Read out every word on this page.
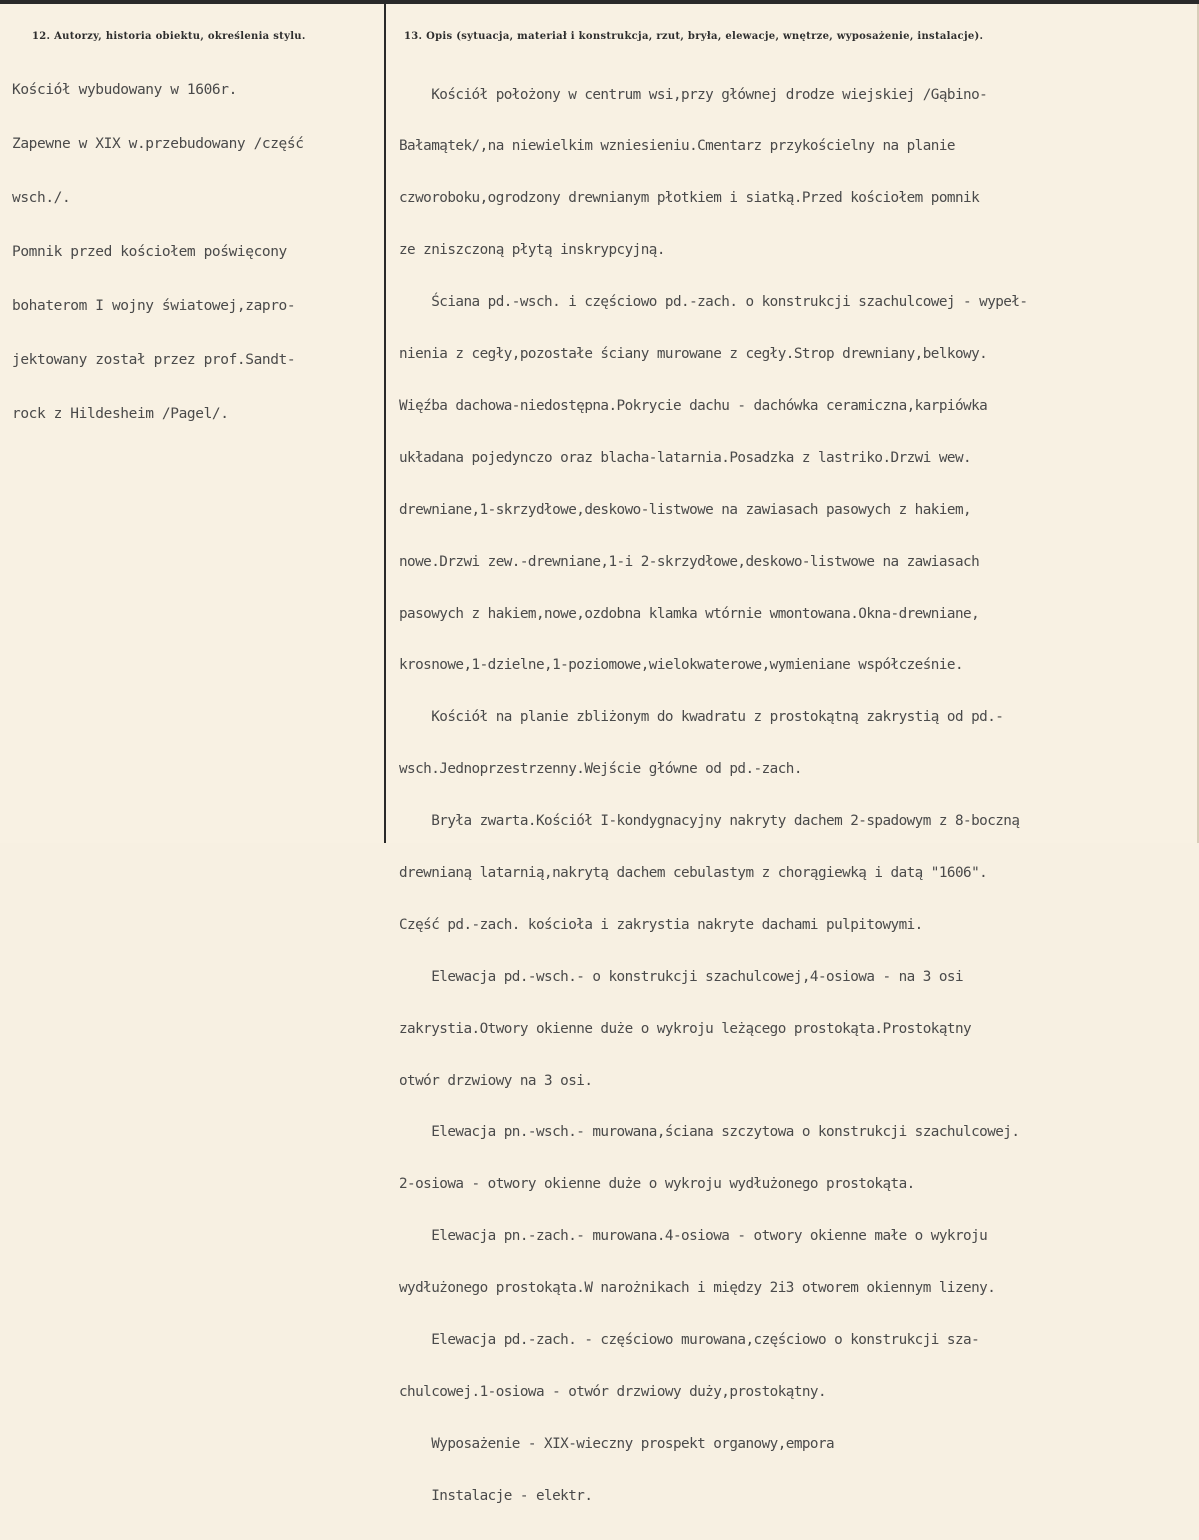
12. Autorzy, historia obiektu, określenia stylu.	13. Opis (sytuacja, materiał i konstrukcja, rzut, bryła, elewacje, wnętrze, wyposażenie, instalacje).

Kościół wybudowany w 1606r.

Zapewne w XIX w.przebudowany /część

wsch./.

Pomnik przed kościołem poświęcony

bohaterom I wojny światowej,zapro-

jektowany został przez prof.Sandt-

rock z Hildesheim /Pagel/.

Kościół położony w centrum wsi,przy głównej drodze wiejskiej /Gąbino-

Bałamątek/,na niewielkim wzniesieniu.Cmentarz przykościelny na planie

czworoboku,ogrodzony drewnianym płotkiem i siatką.Przed kościołem pomnik

ze zniszczoną płytą inskrypcyjną.

Ściana pd.-wsch. i częściowo pd.-zach. o konstrukcji szachulcowej - wypeł-

nienia z cegły,pozostałe ściany murowane z cegły.Strop drewniany,belkowy.

Więźba dachowa-niedostępna.Pokrycie dachu - dachówka ceramiczna,karpiówka

układana pojedynczo oraz blacha-latarnia.Posadzka z lastriko.Drzwi wew.

drewniane,1-skrzydłowe,deskowo-listwowe na zawiasach pasowych z hakiem,

nowe.Drzwi zew.-drewniane,1-i 2-skrzydłowe,deskowo-listwowe na zawiasach

pasowych z hakiem,nowe,ozdobna klamka wtórnie wmontowana.Okna-drewniane,

krosnowe,1-dzielne,1-poziomowe,wielokwaterowe,wymieniane współcześnie.

Kościół na planie zbliżonym do kwadratu z prostokątną zakrystią od pd.-

wsch.Jednoprzestrzenny.Wejście główne od pd.-zach.

Bryła zwarta.Kościół I-kondygnacyjny nakryty dachem 2-spadowym z 8-boczną

drewnianą latarnią,nakrytą dachem cebulastym z chorągiewką i datą "1606".

Część pd.-zach. kościoła i zakrystia nakryte dachami pulpitowymi.

Elewacja pd.-wsch.- o konstrukcji szachulcowej,4-osiowa - na 3 osi

zakrystia.Otwory okienne duże o wykroju leżącego prostokąta.Prostokątny

otwór drzwiowy na 3 osi.

Elewacja pn.-wsch.- murowana,ściana szczytowa o konstrukcji szachulcowej.

2-osiowa - otwory okienne duże o wykroju wydłużonego prostokąta.

Elewacja pn.-zach.- murowana.4-osiowa - otwory okienne małe o wykroju

wydłużonego prostokąta.W narożnikach i między 2i3 otworem okiennym lizeny.

Elewacja pd.-zach. - częściowo murowana,częściowo o konstrukcji sza-

chulcowej.1-osiowa - otwór drzwiowy duży,prostokątny.

Wyposażenie - XIX-wieczny prospekt organowy,empora

Instalacje - elektr.
